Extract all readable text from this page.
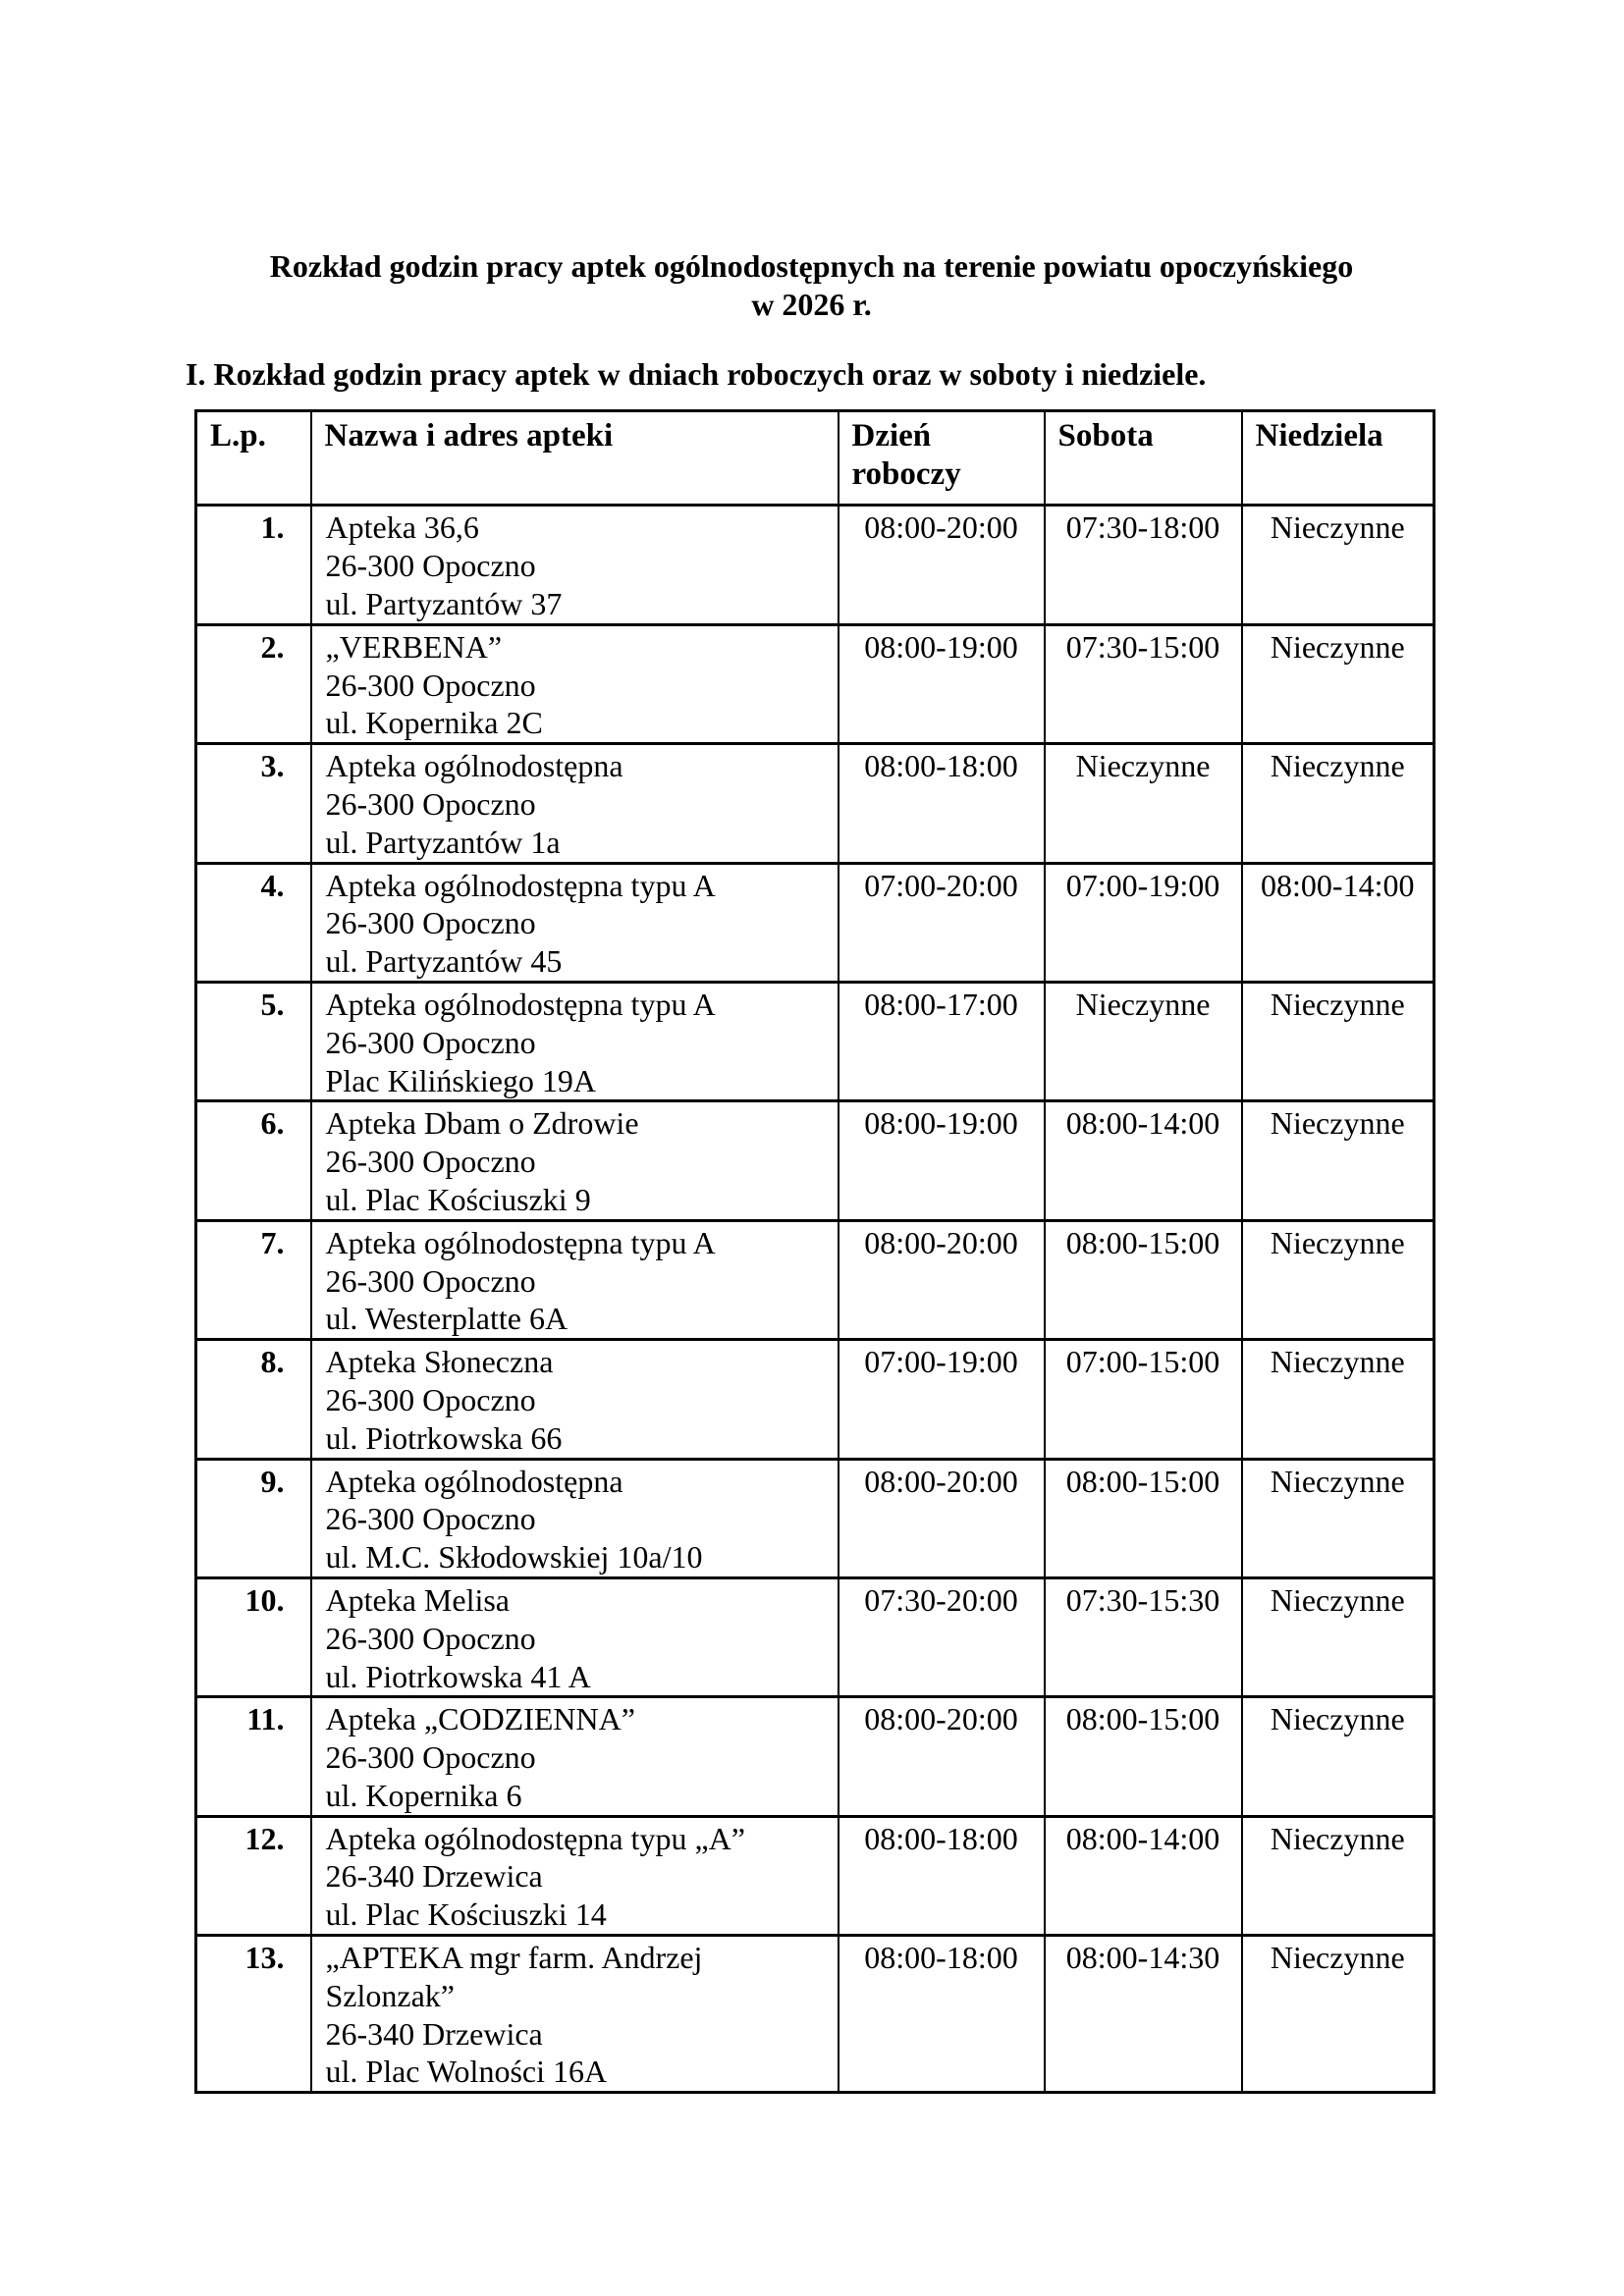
Rozkład godzin pracy aptek ogólnodostępnych na terenie powiatu opoczyńskiego
w 2026 r.
I. Rozkład godzin pracy aptek w dniach roboczych oraz w soboty i niedziele.
L.p.	Nazwa i adres apteki	Dzień roboczy	Sobota	Niedziela
1.	Apteka 36,6
26-300 Opoczno
ul. Partyzantów 37	08:00-20:00	07:30-18:00	Nieczynne
2.	„VERBENA”
26-300 Opoczno
ul. Kopernika 2C	08:00-19:00	07:30-15:00	Nieczynne
3.	Apteka ogólnodostępna
26-300 Opoczno
ul. Partyzantów 1a	08:00-18:00	Nieczynne	Nieczynne
4.	Apteka ogólnodostępna typu A
26-300 Opoczno
ul. Partyzantów 45	07:00-20:00	07:00-19:00	08:00-14:00
5.	Apteka ogólnodostępna typu A
26-300 Opoczno
Plac Kilińskiego 19A	08:00-17:00	Nieczynne	Nieczynne
6.	Apteka Dbam o Zdrowie
26-300 Opoczno
ul. Plac Kościuszki 9	08:00-19:00	08:00-14:00	Nieczynne
7.	Apteka ogólnodostępna typu A
26-300 Opoczno
ul. Westerplatte 6A	08:00-20:00	08:00-15:00	Nieczynne
8.	Apteka Słoneczna
26-300 Opoczno
ul. Piotrkowska 66	07:00-19:00	07:00-15:00	Nieczynne
9.	Apteka ogólnodostępna
26-300 Opoczno
ul. M.C. Skłodowskiej 10a/10	08:00-20:00	08:00-15:00	Nieczynne
10.	Apteka Melisa
26-300 Opoczno
ul. Piotrkowska 41 A	07:30-20:00	07:30-15:30	Nieczynne
11.	Apteka „CODZIENNA”
26-300 Opoczno
ul. Kopernika 6	08:00-20:00	08:00-15:00	Nieczynne
12.	Apteka ogólnodostępna typu „A”
26-340 Drzewica
ul. Plac Kościuszki 14	08:00-18:00	08:00-14:00	Nieczynne
13.	„APTEKA mgr farm. Andrzej Szlonzak”
26-340 Drzewica
ul. Plac Wolności 16A	08:00-18:00	08:00-14:30	Nieczynne
